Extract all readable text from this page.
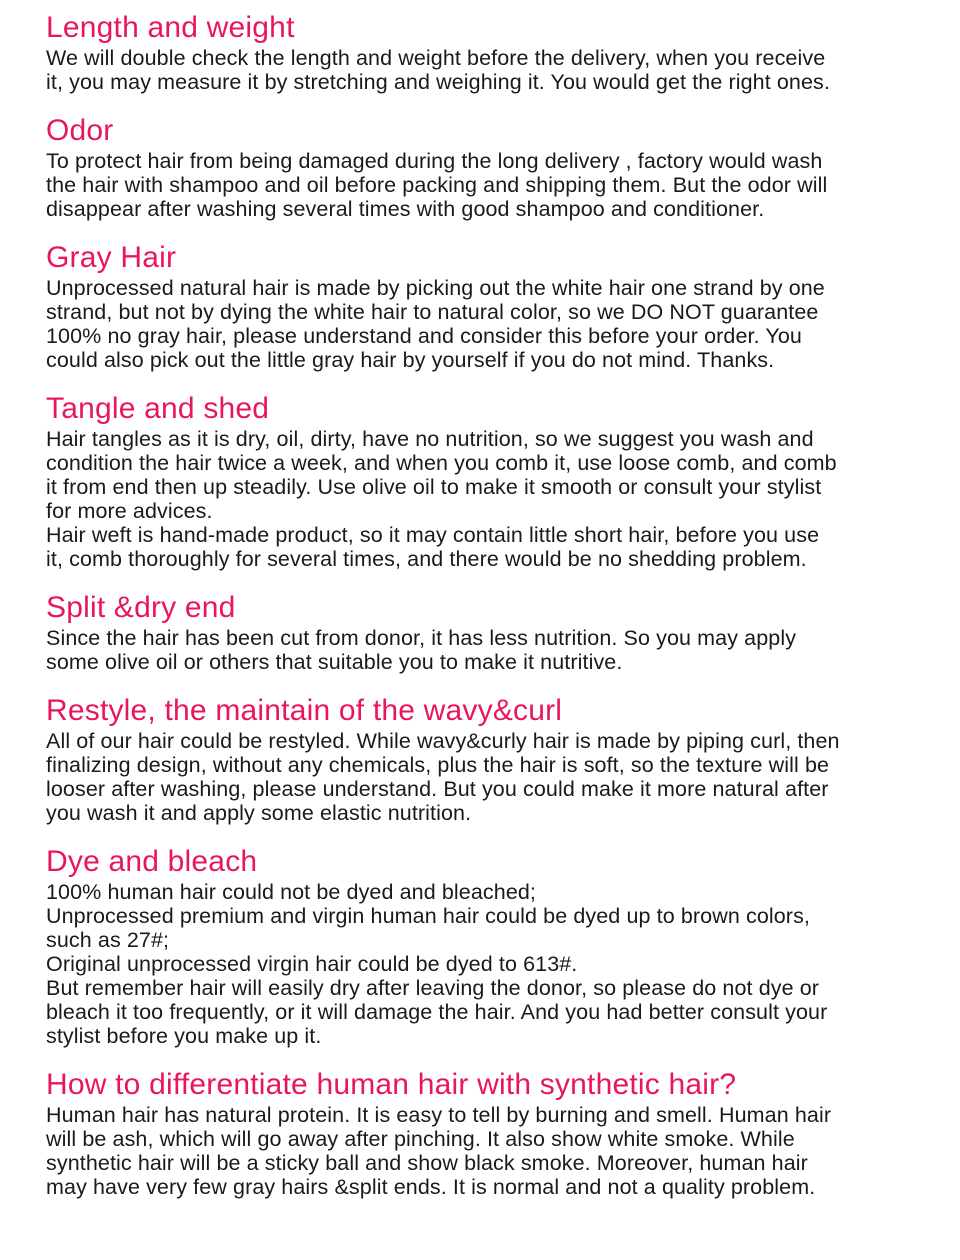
Length and weight

We will double check the length and weight before the delivery, when you receive
it, you may measure it by stretching and weighing it. You would get the right ones.

Odor

To protect hair from being damaged during the long delivery , factory would wash
the hair with shampoo and oil before packing and shipping them. But the odor will
disappear after washing several times with good shampoo and conditioner.

Gray Hair

Unprocessed natural hair is made by picking out the white hair one strand by one
strand, but not by dying the white hair to natural color, so we DO NOT guarantee
100% no gray hair, please understand and consider this before your order. You
could also pick out the little gray hair by yourself if you do not mind. Thanks.

Tangle and shed

Hair tangles as it is dry, oil, dirty, have no nutrition, so we suggest you wash and
condition the hair twice a week, and when you comb it, use loose comb, and comb
it from end then up steadily. Use olive oil to make it smooth or consult your stylist
for more advices.
Hair weft is hand-made product, so it may contain little short hair, before you use
it, comb thoroughly for several times, and there would be no shedding problem.

Split &dry end

Since the hair has been cut from donor, it has less nutrition. So you may apply
some olive oil or others that suitable you to make it nutritive.

Restyle, the maintain of the wavy&curl

All of our hair could be restyled. While wavy&curly hair is made by piping curl, then
finalizing design, without any chemicals, plus the hair is soft, so the texture will be
looser after washing, please understand. But you could make it more natural after
you wash it and apply some elastic nutrition.

Dye and bleach

100% human hair could not be dyed and bleached;
Unprocessed premium and virgin human hair could be dyed up to brown colors,
such as 27#;
Original unprocessed virgin hair could be dyed to 613#.
But remember hair will easily dry after leaving the donor, so please do not dye or
bleach it too frequently, or it will damage the hair. And you had better consult your
stylist before you make up it.

How to differentiate human hair with synthetic hair?

Human hair has natural protein. It is easy to tell by burning and smell. Human hair
will be ash, which will go away after pinching. It also show white smoke. While
synthetic hair will be a sticky ball and show black smoke. Moreover, human hair
may have very few gray hairs &split ends. It is normal and not a quality problem.
